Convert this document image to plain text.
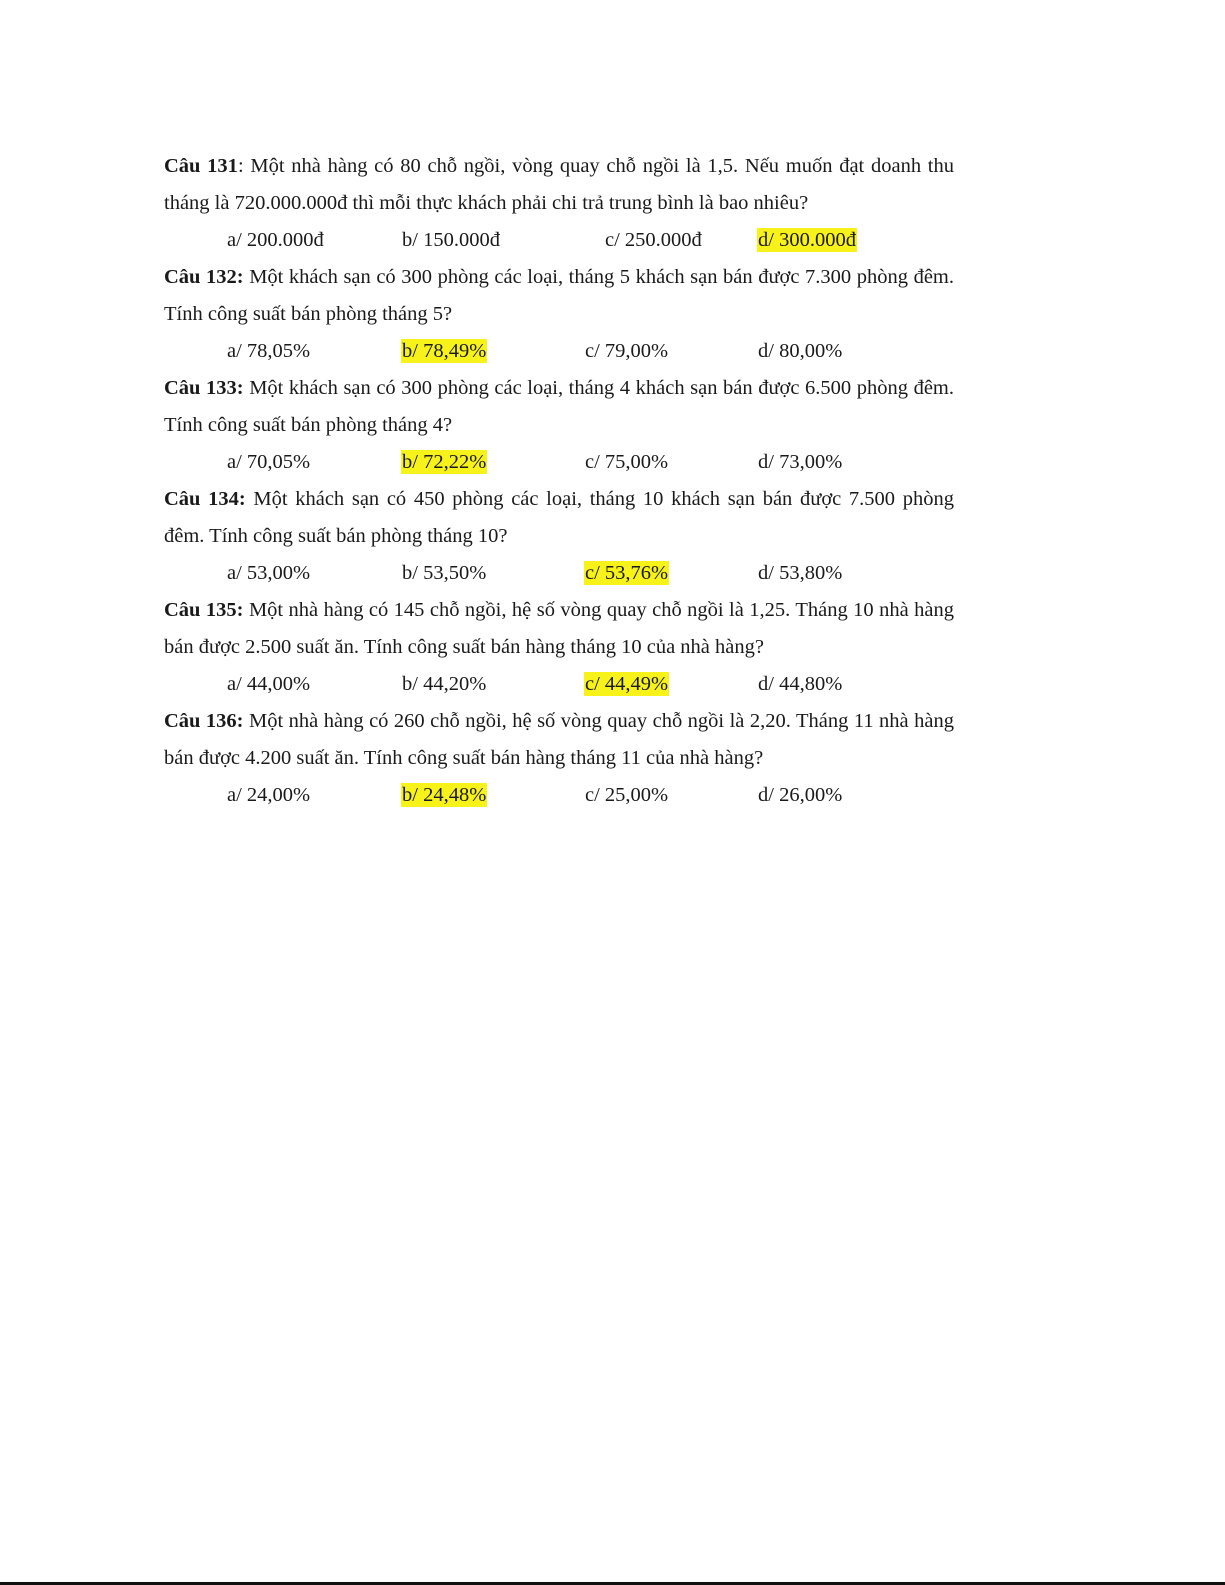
Câu 131: Một nhà hàng có 80 chỗ ngồi, vòng quay chỗ ngồi là 1,5. Nếu muốn đạt doanh thu tháng là 720.000.000đ thì mỗi thực khách phải chi trả trung bình là bao nhiêu?

a/ 200.000đ	b/ 150.000đ	c/ 250.000đ	d/ 300.000đ

Câu 132: Một khách sạn có 300 phòng các loại, tháng 5 khách sạn bán được 7.300 phòng đêm. Tính công suất bán phòng tháng 5?

a/ 78,05%	b/ 78,49%	c/ 79,00%	d/ 80,00%

Câu 133: Một khách sạn có 300 phòng các loại, tháng 4 khách sạn bán được 6.500 phòng đêm. Tính công suất bán phòng tháng 4?

a/ 70,05%	b/ 72,22%	c/ 75,00%	d/ 73,00%

Câu 134: Một khách sạn có 450 phòng các loại, tháng 10 khách sạn bán được 7.500 phòng đêm. Tính công suất bán phòng tháng 10?

a/ 53,00%	b/ 53,50%	c/ 53,76%	d/ 53,80%

Câu 135: Một nhà hàng có 145 chỗ ngồi, hệ số vòng quay chỗ ngồi là 1,25. Tháng 10 nhà hàng bán được 2.500 suất ăn. Tính công suất bán hàng tháng 10 của nhà hàng?

a/ 44,00%	b/ 44,20%	c/ 44,49%	d/ 44,80%

Câu 136: Một nhà hàng có 260 chỗ ngồi, hệ số vòng quay chỗ ngồi là 2,20. Tháng 11 nhà hàng bán được 4.200 suất ăn. Tính công suất bán hàng tháng 11 của nhà hàng?

a/ 24,00%	b/ 24,48%	c/ 25,00%	d/ 26,00%
